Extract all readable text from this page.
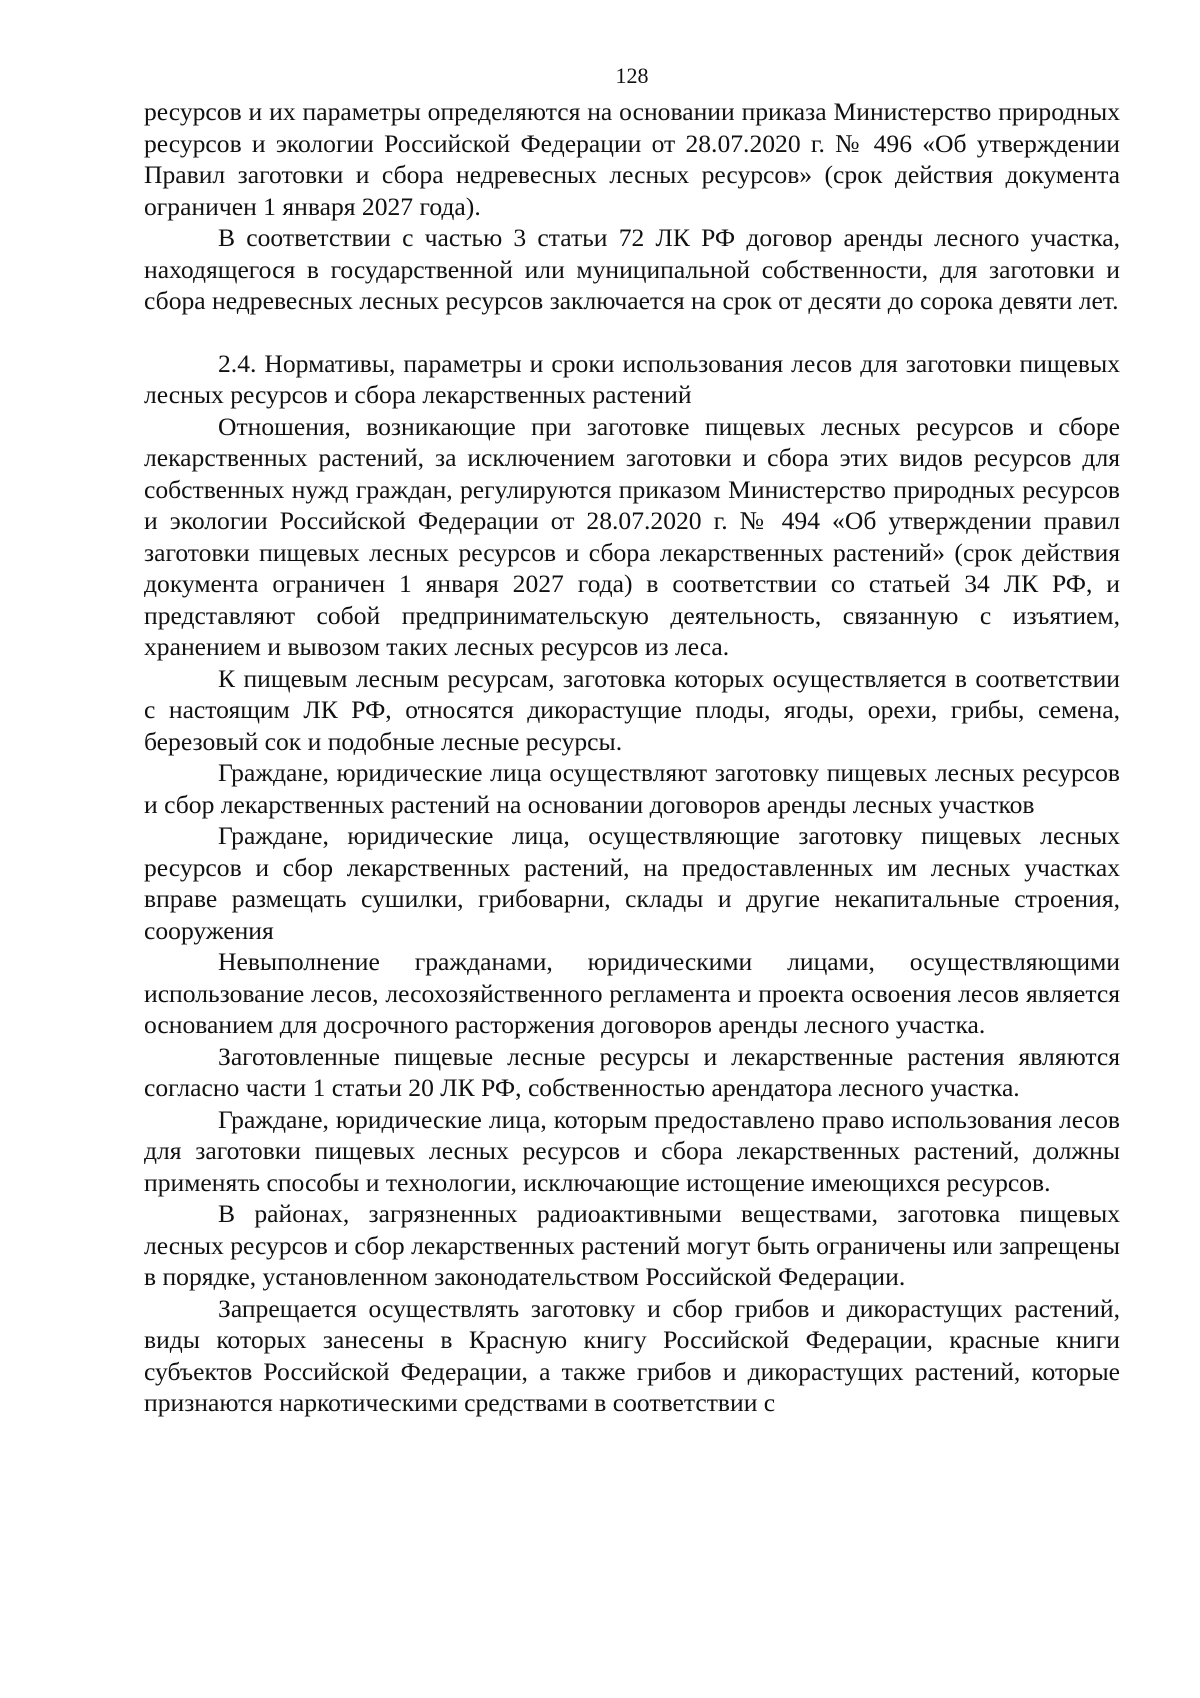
128

ресурсов и их параметры определяются на основании приказа Министерство природных ресурсов и экологии Российской Федерации от 28.07.2020 г. № 496 «Об утверждении Правил заготовки и сбора недревесных лесных ресурсов» (срок действия документа ограничен 1 января 2027 года).

В соответствии с частью 3 статьи 72 ЛК РФ договор аренды лесного участка, находящегося в государственной или муниципальной собственности, для заготовки и сбора недревесных лесных ресурсов заключается на срок от десяти до сорока девяти лет.

2.4. Нормативы, параметры и сроки использования лесов для заготовки пищевых лесных ресурсов и сбора лекарственных растений

Отношения, возникающие при заготовке пищевых лесных ресурсов и сборе лекарственных растений, за исключением заготовки и сбора этих видов ресурсов для собственных нужд граждан, регулируются приказом Министерство природных ресурсов и экологии Российской Федерации от 28.07.2020 г. № 494 «Об утверждении правил заготовки пищевых лесных ресурсов и сбора лекарственных растений» (срок действия документа ограничен 1 января 2027 года) в соответствии со статьей 34 ЛК РФ, и представляют собой предпринимательскую деятельность, связанную с изъятием, хранением и вывозом таких лесных ресурсов из леса.

К пищевым лесным ресурсам, заготовка которых осуществляется в соответствии с настоящим ЛК РФ, относятся дикорастущие плоды, ягоды, орехи, грибы, семена, березовый сок и подобные лесные ресурсы.

Граждане, юридические лица осуществляют заготовку пищевых лесных ресурсов и сбор лекарственных растений на основании договоров аренды лесных участков

Граждане, юридические лица, осуществляющие заготовку пищевых лесных ресурсов и сбор лекарственных растений, на предоставленных им лесных участках вправе размещать сушилки, грибоварни, склады и другие некапитальные строения, сооружения

Невыполнение гражданами, юридическими лицами, осуществляющими использование лесов, лесохозяйственного регламента и проекта освоения лесов является основанием для досрочного расторжения договоров аренды лесного участка.

Заготовленные пищевые лесные ресурсы и лекарственные растения являются согласно части 1 статьи 20 ЛК РФ, собственностью арендатора лесного участка.

Граждане, юридические лица, которым предоставлено право использования лесов для заготовки пищевых лесных ресурсов и сбора лекарственных растений, должны применять способы и технологии, исключающие истощение имеющихся ресурсов.

В районах, загрязненных радиоактивными веществами, заготовка пищевых лесных ресурсов и сбор лекарственных растений могут быть ограничены или запрещены в порядке, установленном законодательством Российской Федерации.

Запрещается осуществлять заготовку и сбор грибов и дикорастущих растений, виды которых занесены в Красную книгу Российской Федерации, красные книги субъектов Российской Федерации, а также грибов и дикорастущих растений, которые признаются наркотическими средствами в соответствии с
